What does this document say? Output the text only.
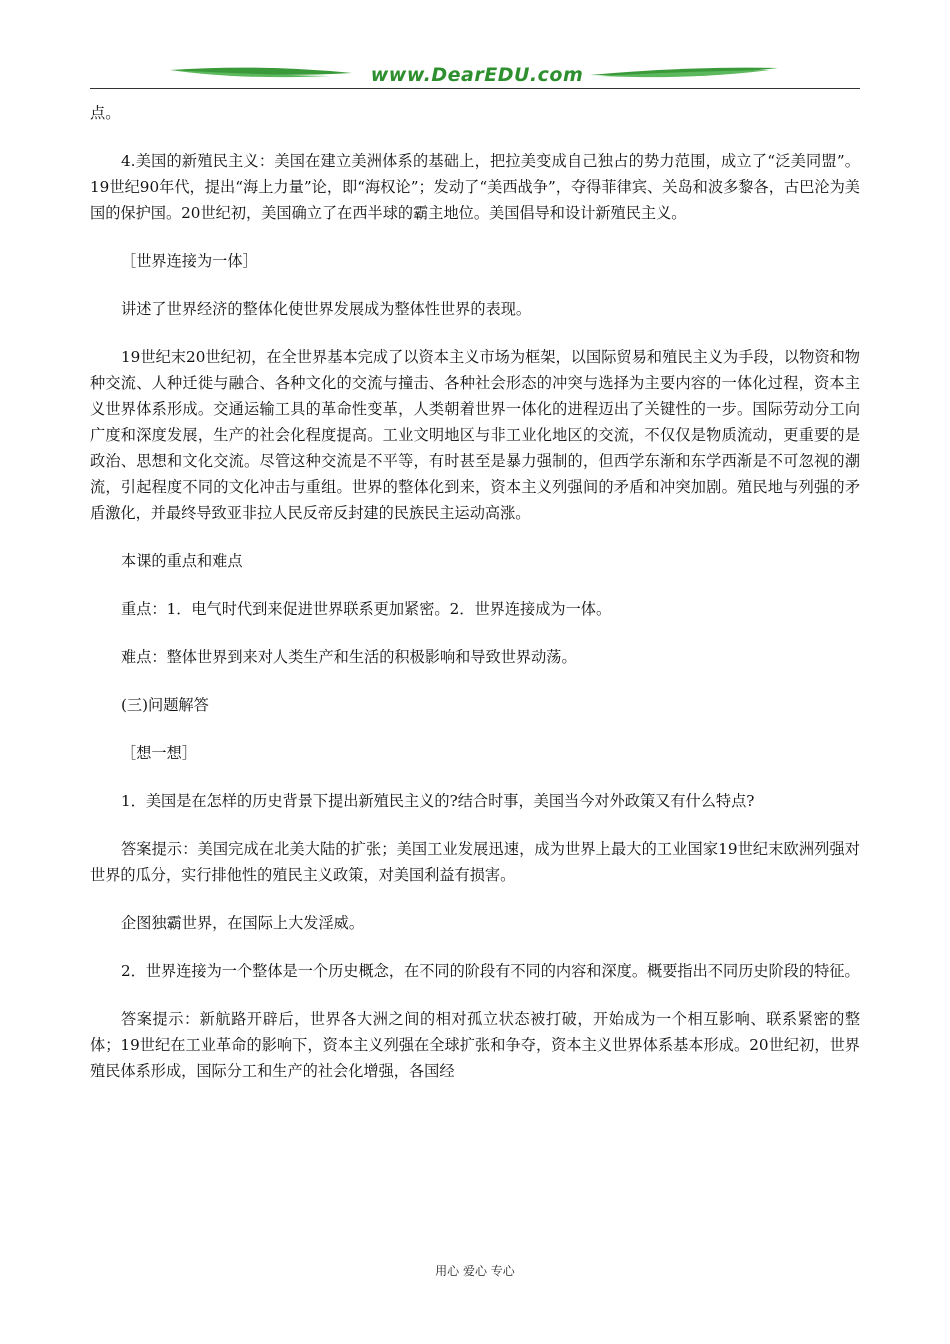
www.DearEDU.com

点。

4.美国的新殖民主义：美国在建立美洲体系的基础上，把拉美变成自己独占的势力范围，成立了“泛美同盟”。19世纪90年代，提出“海上力量”论，即“海权论”；发动了“美西战争”，夺得菲律宾、关岛和波多黎各，古巴沦为美国的保护国。20世纪初，美国确立了在西半球的霸主地位。美国倡导和设计新殖民主义。

［世界连接为一体］

讲述了世界经济的整体化使世界发展成为整体性世界的表现。

19世纪末20世纪初，在全世界基本完成了以资本主义市场为框架，以国际贸易和殖民主义为手段，以物资和物种交流、人种迁徙与融合、各种文化的交流与撞击、各种社会形态的冲突与选择为主要内容的一体化过程，资本主义世界体系形成。交通运输工具的革命性变革，人类朝着世界一体化的进程迈出了关键性的一步。国际劳动分工向广度和深度发展，生产的社会化程度提高。工业文明地区与非工业化地区的交流，不仅仅是物质流动，更重要的是政治、思想和文化交流。尽管这种交流是不平等，有时甚至是暴力强制的，但西学东渐和东学西渐是不可忽视的潮流，引起程度不同的文化冲击与重组。世界的整体化到来，资本主义列强间的矛盾和冲突加剧。殖民地与列强的矛盾激化，并最终导致亚非拉人民反帝反封建的民族民主运动高涨。

本课的重点和难点

重点：1．电气时代到来促进世界联系更加紧密。2．世界连接成为一体。

难点：整体世界到来对人类生产和生活的积极影响和导致世界动荡。

(三)问题解答

［想一想］

1．美国是在怎样的历史背景下提出新殖民主义的?结合时事，美国当今对外政策又有什么特点?

答案提示：美国完成在北美大陆的扩张；美国工业发展迅速，成为世界上最大的工业国家19世纪末欧洲列强对世界的瓜分，实行排他性的殖民主义政策，对美国利益有损害。

企图独霸世界，在国际上大发淫威。

2．世界连接为一个整体是一个历史概念，在不同的阶段有不同的内容和深度。概要指出不同历史阶段的特征。

答案提示：新航路开辟后，世界各大洲之间的相对孤立状态被打破，开始成为一个相互影响、联系紧密的整体；19世纪在工业革命的影响下，资本主义列强在全球扩张和争夺，资本主义世界体系基本形成。20世纪初，世界殖民体系形成，国际分工和生产的社会化增强，各国经

用心 爱心 专心
